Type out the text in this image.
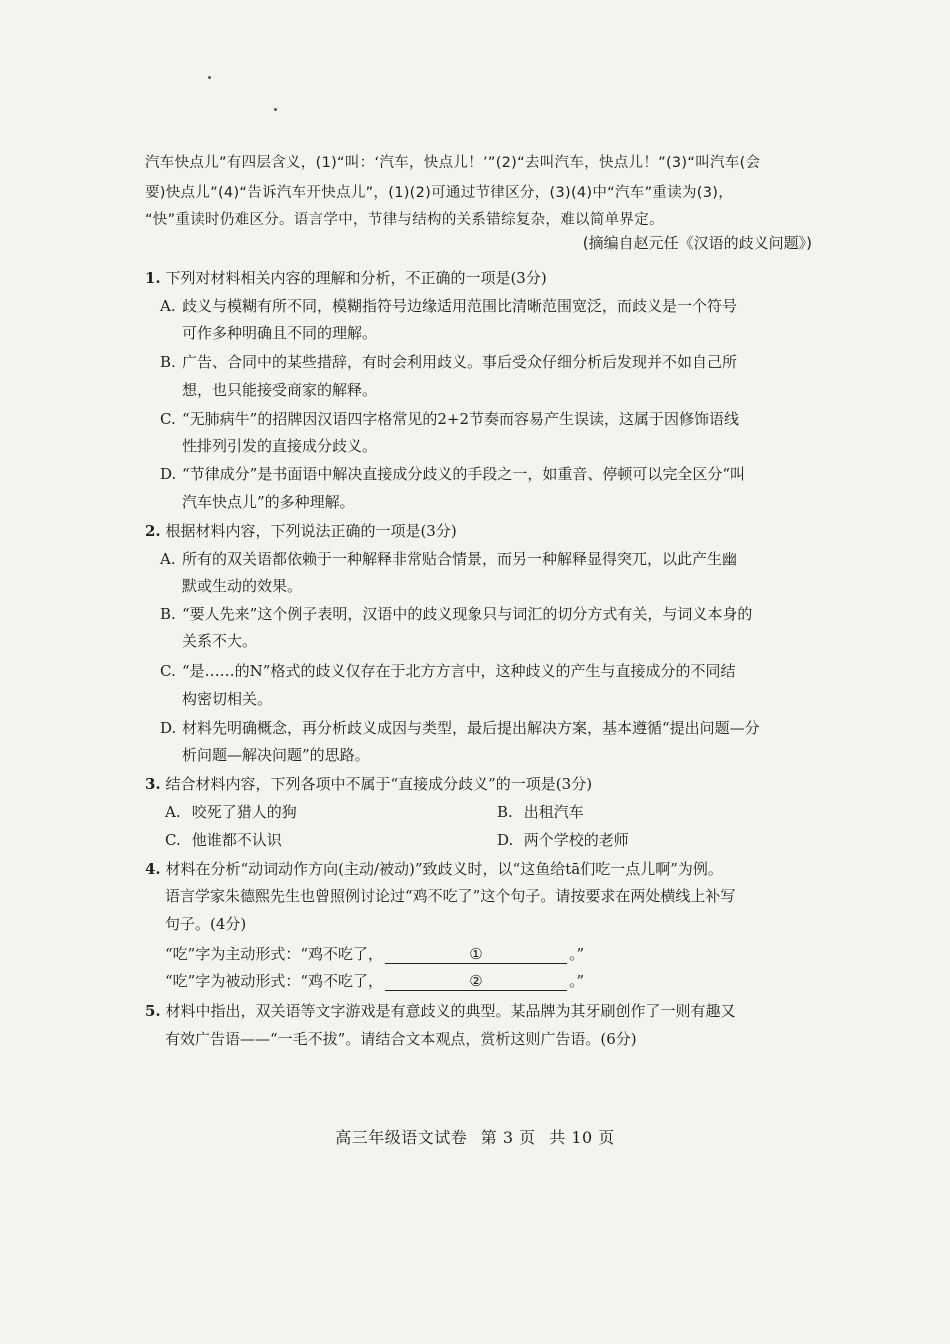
汽车快点儿”有四层含义，(1)“叫：‘汽车，快点儿！’”(2)“去叫汽车，快点儿！”(3)“叫汽车(会
要)快点儿”(4)“告诉汽车开快点儿”，(1)(2)可通过节律区分，(3)(4)中“汽车”重读为(3)，
“快”重读时仍难区分。语言学中，节律与结构的关系错综复杂，难以简单界定。
(摘编自赵元任《汉语的歧义问题》)
1. 下列对材料相关内容的理解和分析，不正确的一项是(3分)
A. 歧义与模糊有所不同，模糊指符号边缘适用范围比清晰范围宽泛，而歧义是一个符号
可作多种明确且不同的理解。
B. 广告、合同中的某些措辞，有时会利用歧义。事后受众仔细分析后发现并不如自己所
想，也只能接受商家的解释。
C. “无肺病牛”的招牌因汉语四字格常见的2+2节奏而容易产生误读，这属于因修饰语线
性排列引发的直接成分歧义。
D. “节律成分”是书面语中解决直接成分歧义的手段之一，如重音、停顿可以完全区分“叫
汽车快点儿”的多种理解。
2. 根据材料内容，下列说法正确的一项是(3分)
A. 所有的双关语都依赖于一种解释非常贴合情景，而另一种解释显得突兀，以此产生幽
默或生动的效果。
B. “要人先来”这个例子表明，汉语中的歧义现象只与词汇的切分方式有关，与词义本身的
关系不大。
C. “是……的N”格式的歧义仅存在于北方方言中，这种歧义的产生与直接成分的不同结
构密切相关。
D. 材料先明确概念，再分析歧义成因与类型，最后提出解决方案，基本遵循“提出问题—分
析问题—解决问题”的思路。
3. 结合材料内容，下列各项中不属于“直接成分歧义”的一项是(3分)
A. 咬死了猎人的狗	B. 出租汽车
C. 他谁都不认识	D. 两个学校的老师
4. 材料在分析“动词动作方向(主动/被动)”致歧义时，以“这鱼给tā们吃一点儿啊”为例。
语言学家朱德熙先生也曾照例讨论过“鸡不吃了”这个句子。请按要求在两处横线上补写
句子。(4分)
“吃”字为主动形式：“鸡不吃了，	①	。”
“吃”字为被动形式：“鸡不吃了，	②	。”
5. 材料中指出，双关语等文字游戏是有意歧义的典型。某品牌为其牙刷创作了一则有趣又
有效广告语——“一毛不拔”。请结合文本观点，赏析这则广告语。(6分)
高三年级语文试卷 第 3 页 共 10 页
